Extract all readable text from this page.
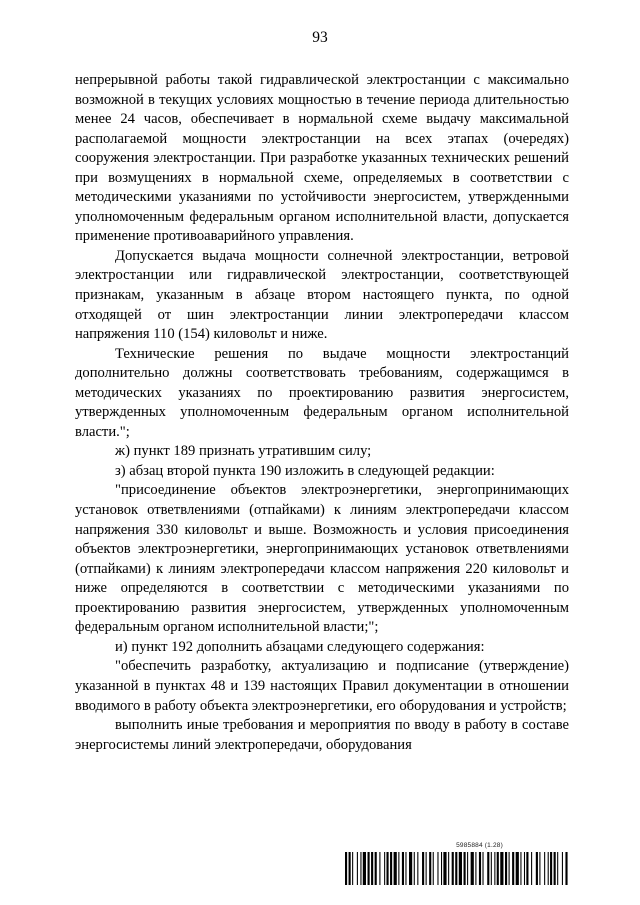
93

непрерывной работы такой гидравлической электростанции с максимально возможной в текущих условиях мощностью в течение периода длительностью менее 24 часов, обеспечивает в нормальной схеме выдачу максимальной располагаемой мощности электростанции на всех этапах (очередях) сооружения электростанции. При разработке указанных технических решений при возмущениях в нормальной схеме, определяемых в соответствии с методическими указаниями по устойчивости энергосистем, утвержденными уполномоченным федеральным органом исполнительной власти, допускается применение противоаварийного управления.

Допускается выдача мощности солнечной электростанции, ветровой электростанции или гидравлической электростанции, соответствующей признакам, указанным в абзаце втором настоящего пункта, по одной отходящей от шин электростанции линии электропередачи классом напряжения 110 (154) киловольт и ниже.

Технические решения по выдаче мощности электростанций дополнительно должны соответствовать требованиям, содержащимся в методических указаниях по проектированию развития энергосистем, утвержденных уполномоченным федеральным органом исполнительной власти.";

ж) пункт 189 признать утратившим силу;

з) абзац второй пункта 190 изложить в следующей редакции:

"присоединение объектов электроэнергетики, энергопринимающих установок ответвлениями (отпайками) к линиям электропередачи классом напряжения 330 киловольт и выше. Возможность и условия присоединения объектов электроэнергетики, энергопринимающих установок ответвлениями (отпайками) к линиям электропередачи классом напряжения 220 киловольт и ниже определяются в соответствии с методическими указаниями по проектированию развития энергосистем, утвержденных уполномоченным федеральным органом исполнительной власти;";

и) пункт 192 дополнить абзацами следующего содержания:

"обеспечить разработку, актуализацию и подписание (утверждение) указанной в пунктах 48 и 139 настоящих Правил документации в отношении вводимого в работу объекта электроэнергетики, его оборудования и устройств;

выполнить иные требования и мероприятия по вводу в работу в составе энергосистемы линий электропередачи, оборудования

5985884 (1.28)
